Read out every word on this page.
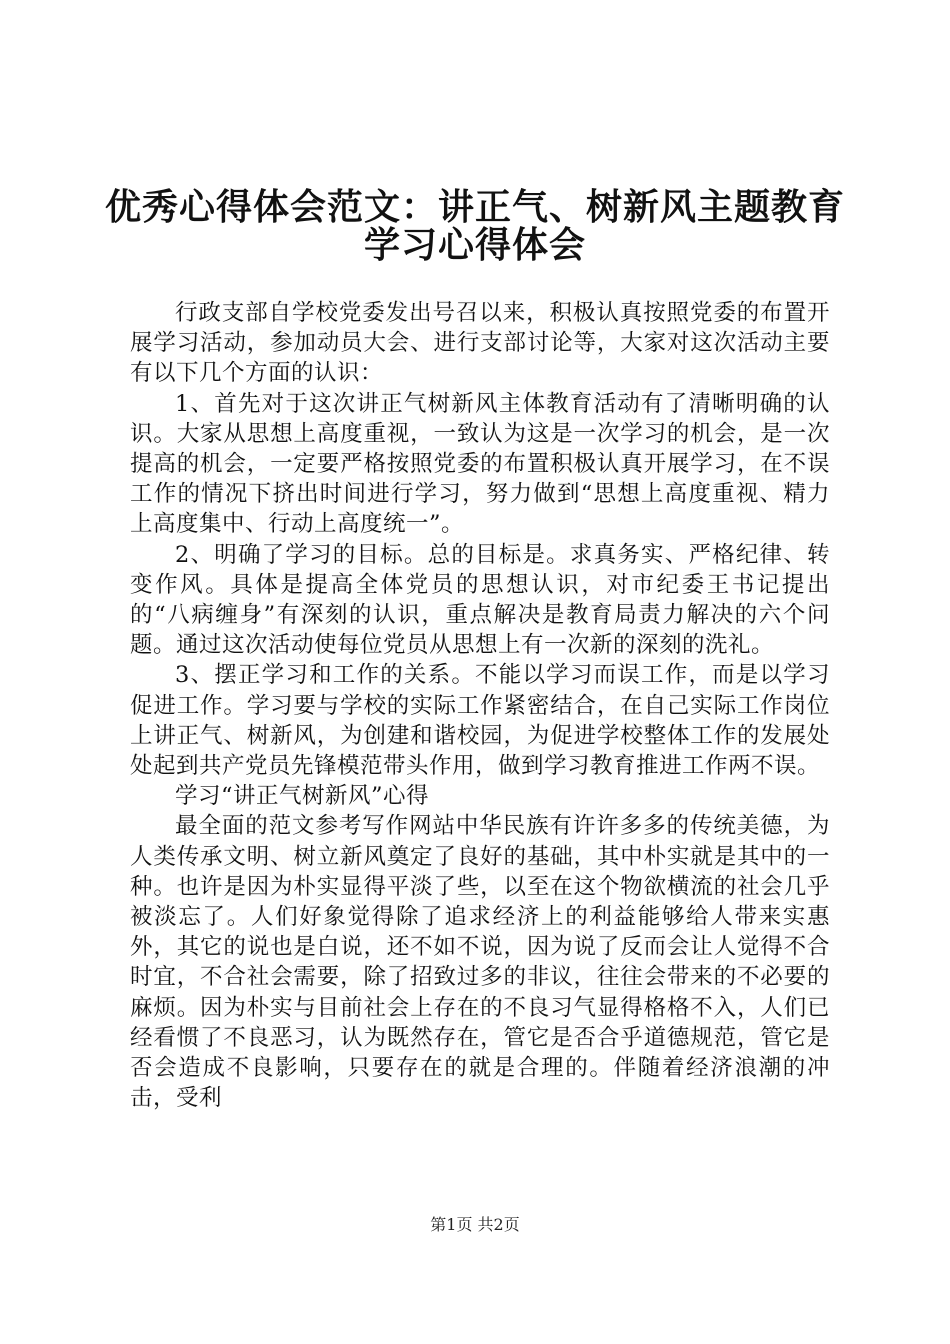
优秀心得体会范文：讲正气、树新风主题教育
学习心得体会

行政支部自学校党委发出号召以来，积极认真按照党委的布置开展学习活动，参加动员大会、进行支部讨论等，大家对这次活动主要有以下几个方面的认识：

1、首先对于这次讲正气树新风主体教育活动有了清晰明确的认识。大家从思想上高度重视，一致认为这是一次学习的机会，是一次提高的机会，一定要严格按照党委的布置积极认真开展学习，在不误工作的情况下挤出时间进行学习，努力做到“思想上高度重视、精力上高度集中、行动上高度统一”。

2、明确了学习的目标。总的目标是。求真务实、严格纪律、转变作风。具体是提高全体党员的思想认识，对市纪委王书记提出的“八病缠身”有深刻的认识，重点解决是教育局责力解决的六个问题。通过这次活动使每位党员从思想上有一次新的深刻的洗礼。

3、摆正学习和工作的关系。不能以学习而误工作，而是以学习促进工作。学习要与学校的实际工作紧密结合，在自己实际工作岗位上讲正气、树新风，为创建和谐校园，为促进学校整体工作的发展处处起到共产党员先锋模范带头作用，做到学习教育推进工作两不误。

学习“讲正气树新风”心得

最全面的范文参考写作网站中华民族有许许多多的传统美德，为人类传承文明、树立新风奠定了良好的基础，其中朴实就是其中的一种。也许是因为朴实显得平淡了些，以至在这个物欲横流的社会几乎被淡忘了。人们好象觉得除了追求经济上的利益能够给人带来实惠外，其它的说也是白说，还不如不说，因为说了反而会让人觉得不合时宜，不合社会需要，除了招致过多的非议，往往会带来的不必要的麻烦。因为朴实与目前社会上存在的不良习气显得格格不入，人们已经看惯了不良恶习，认为既然存在，管它是否合乎道德规范，管它是否会造成不良影响，只要存在的就是合理的。伴随着经济浪潮的冲击，受利

第1页 共2页
